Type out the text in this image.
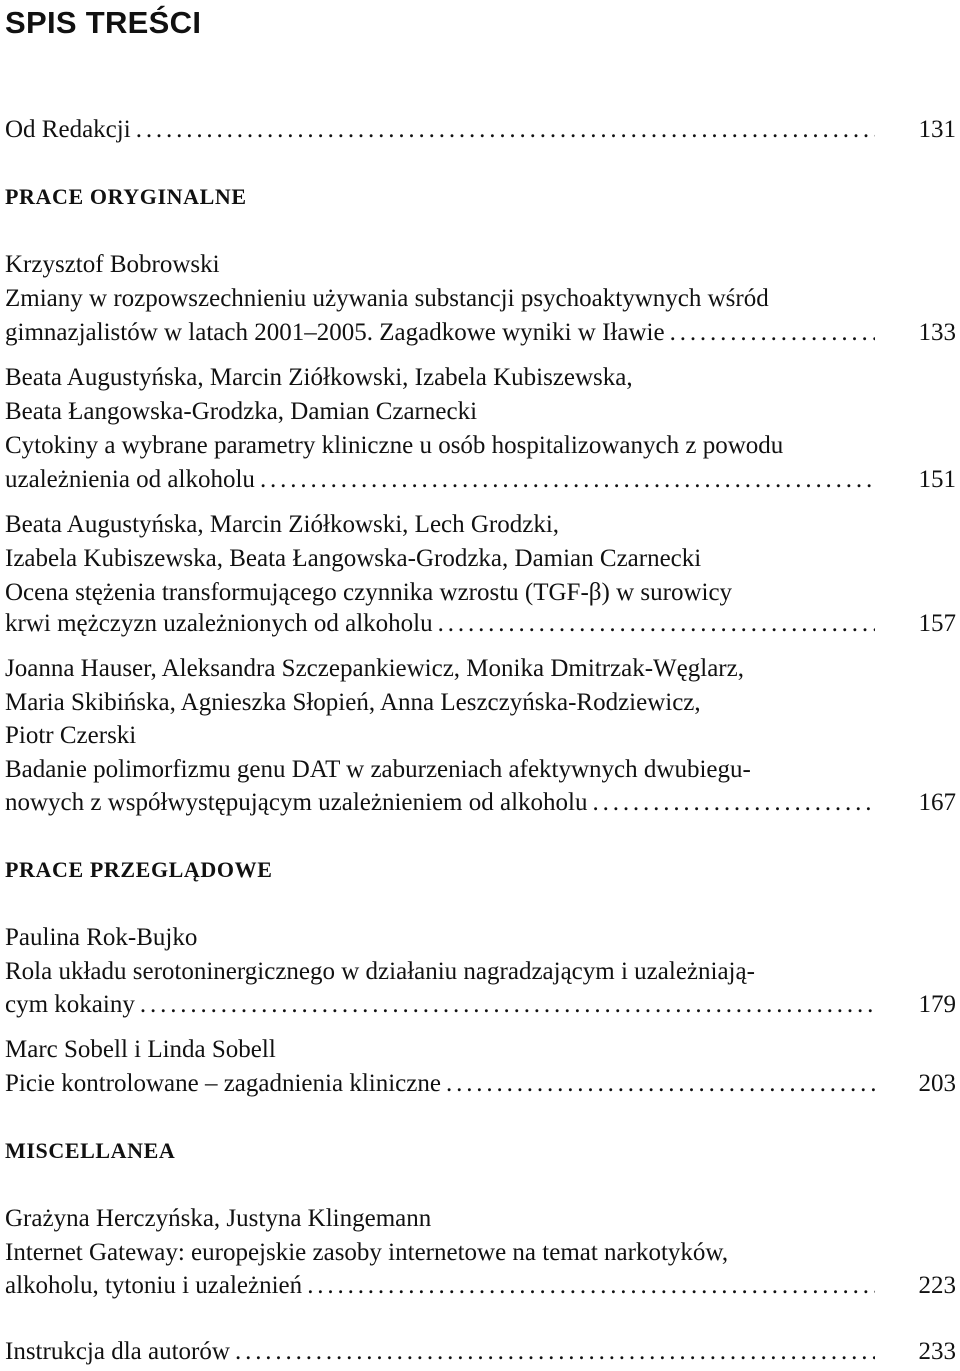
SPIS TREŚCI
Od Redakcji . . .	131
PRACE ORYGINALNE
Krzysztof Bobrowski
Zmiany w rozpowszechnieniu używania substancji psychoaktywnych wśród
gimnazjalistów w latach 2001–2005. Zagadkowe wyniki w Iławie . . .	133
Beata Augustyńska, Marcin Ziółkowski, Izabela Kubiszewska,
Beata Łangowska-Grodzka, Damian Czarnecki
Cytokiny a wybrane parametry kliniczne u osób hospitalizowanych z powodu
uzależnienia od alkoholu . . .	151
Beata Augustyńska, Marcin Ziółkowski, Lech Grodzki,
Izabela Kubiszewska, Beata Łangowska-Grodzka, Damian Czarnecki
Ocena stężenia transformującego czynnika wzrostu (TGF-β) w surowicy
krwi mężczyzn uzależnionych od alkoholu . . .	157
Joanna Hauser, Aleksandra Szczepankiewicz, Monika Dmitrzak-Węglarz,
Maria Skibińska, Agnieszka Słopień, Anna Leszczyńska-Rodziewicz,
Piotr Czerski
Badanie polimorfizmu genu DAT w zaburzeniach afektywnych dwubiegu-
nowych z współwystępującym uzależnieniem od alkoholu . . .	167
PRACE PRZEGLĄDOWE
Paulina Rok-Bujko
Rola układu serotoninergicznego w działaniu nagradzającym i uzależniają-
cym kokainy . . .	179
Marc Sobell i Linda Sobell
Picie kontrolowane – zagadnienia kliniczne . . .	203
MISCELLANEA
Grażyna Herczyńska, Justyna Klingemann
Internet Gateway: europejskie zasoby internetowe na temat narkotyków,
alkoholu, tytoniu i uzależnień . . .	223
Instrukcja dla autorów . . .	233
